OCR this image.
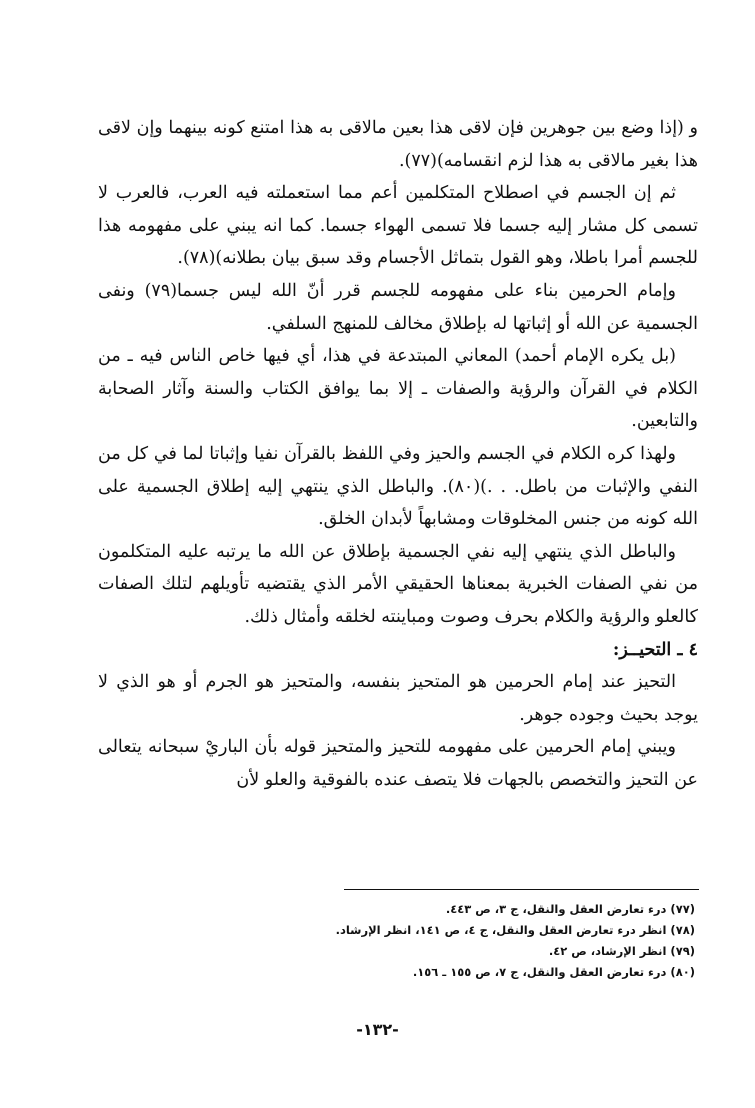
و (إذا وضع بين جوهرين فإن لاقى هذا بعين مالاقى به هذا امتنع كونه بينهما وإن لاقى هذا بغير مالاقى به هذا لزم انقسامه)(٧٧).

ثم إن الجسم في اصطلاح المتكلمين أعم مما استعملته فيه العرب، فالعرب لا تسمى كل مشار إليه جسما فلا تسمى الهواء جسما. كما انه يبني على مفهومه هذا للجسم أمرا باطلا، وهو القول بتماثل الأجسام وقد سبق بيان بطلانه)(٧٨).

وإمام الحرمين بناء على مفهومه للجسم قرر أنّ الله ليس جسما(٧٩) ونفى الجسمية عن الله أو إثباتها له بإطلاق مخالف للمنهج السلفي.

(بل يكره الإمام أحمد) المعاني المبتدعة في هذا، أي فيها خاص الناس فيه ـ من الكلام في القرآن والرؤية والصفات ـ إلا بما يوافق الكتاب والسنة وآثار الصحابة والتابعين.

ولهذا كره الكلام في الجسم والحيز وفي اللفظ بالقرآن نفيا وإثباتا لما في كل من النفي والإثبات من باطل. . .)(٨٠). والباطل الذي ينتهي إليه إطلاق الجسمية على الله كونه من جنس المخلوقات ومشابهاً لأبدان الخلق.

والباطل الذي ينتهي إليه نفي الجسمية بإطلاق عن الله ما يرتبه عليه المتكلمون من نفي الصفات الخبرية بمعناها الحقيقي الأمر الذي يقتضيه تأويلهم لتلك الصفات كالعلو والرؤية والكلام بحرف وصوت ومباينته لخلقه وأمثال ذلك.

٤ ـ التحيــز:

التحيز عند إمام الحرمين هو المتحيز بنفسه، والمتحيز هو الجرم أو هو الذي لا يوجد بحيث وجوده جوهر.

ويبني إمام الحرمين على مفهومه للتحيز والمتحيز قوله بأن الباريْ سبحانه يتعالى عن التحيز والتخصص بالجهات فلا يتصف عنده بالفوقية والعلو لأن

(٧٧) درء تعارض العقل والنقل، ج ٣، ص ٤٤٣.

(٧٨) انظر درء تعارض العقل والنقل، ج ٤، ص ١٤١، انظر الإرشاد.

(٧٩) انظر الإرشاد، ص ٤٢.

(٨٠) درء تعارض العقل والنقل، ج ٧، ص ١٥٥ ـ ١٥٦.

-١٣٢-
